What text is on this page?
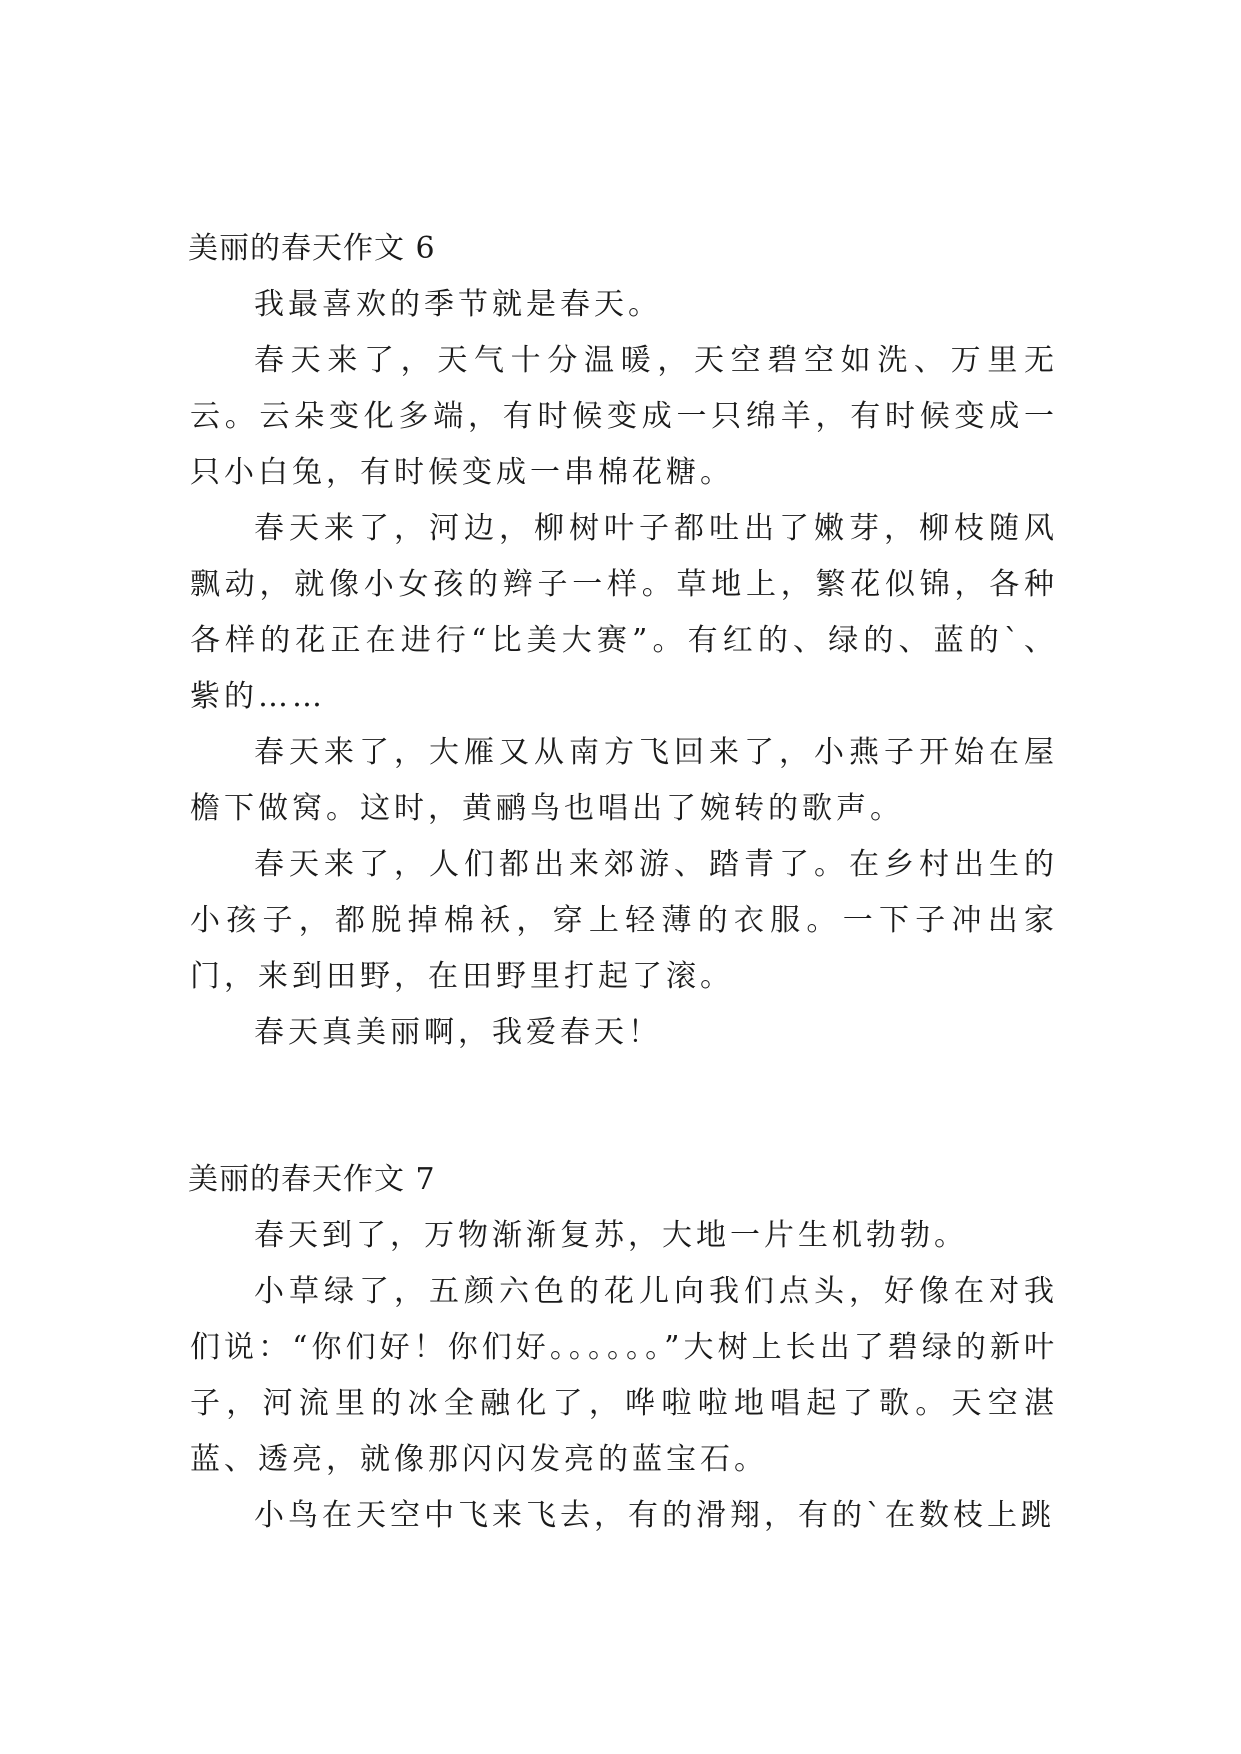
美丽的春天作文 6

我最喜欢的季节就是春天。

春天来了，天气十分温暖，天空碧空如洗、万里无云。云朵变化多端，有时候变成一只绵羊，有时候变成一只小白兔，有时候变成一串棉花糖。

春天来了，河边，柳树叶子都吐出了嫩芽，柳枝随风飘动，就像小女孩的辫子一样。草地上，繁花似锦，各种各样的花正在进行“比美大赛”。有红的、绿的、蓝的`、紫的……

春天来了，大雁又从南方飞回来了，小燕子开始在屋檐下做窝。这时，黄鹂鸟也唱出了婉转的歌声。

春天来了，人们都出来郊游、踏青了。在乡村出生的小孩子，都脱掉棉袄，穿上轻薄的衣服。一下子冲出家门，来到田野，在田野里打起了滚。

春天真美丽啊，我爱春天！

美丽的春天作文 7

春天到了，万物渐渐复苏，大地一片生机勃勃。

小草绿了，五颜六色的花儿向我们点头，好像在对我们说：“你们好！你们好。。。。。。”大树上长出了碧绿的新叶子，河流里的冰全融化了，哗啦啦地唱起了歌。天空湛蓝、透亮，就像那闪闪发亮的蓝宝石。

小鸟在天空中飞来飞去，有的滑翔，有的`在数枝上跳
